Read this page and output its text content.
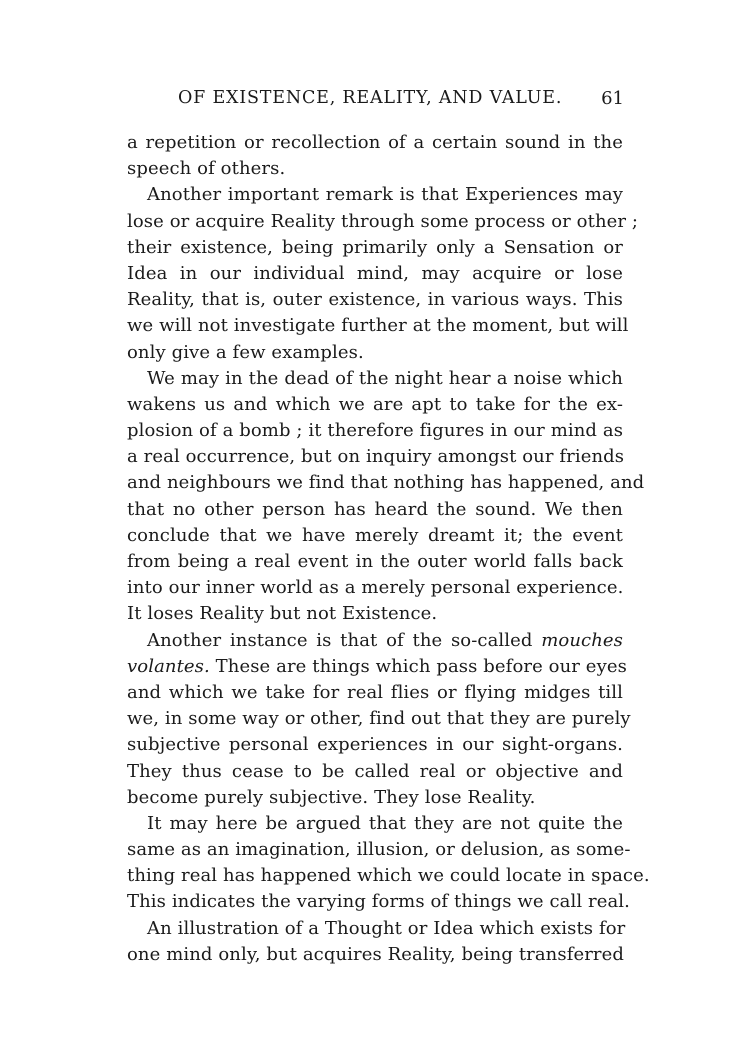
OF EXISTENCE, REALITY, AND VALUE. 61
a repetition or recollection of a certain sound in the
speech of others.
Another important remark is that Experiences may
lose or acquire Reality through some process or other ;
their existence, being primarily only a Sensation or
Idea in our individual mind, may acquire or lose
Reality, that is, outer existence, in various ways. This
we will not investigate further at the moment, but will
only give a few examples.
We may in the dead of the night hear a noise which
wakens us and which we are apt to take for the ex-
plosion of a bomb ; it therefore figures in our mind as
a real occurrence, but on inquiry amongst our friends
and neighbours we find that nothing has happened, and
that no other person has heard the sound. We then
conclude that we have merely dreamt it; the event
from being a real event in the outer world falls back
into our inner world as a merely personal experience.
It loses Reality but not Existence.
Another instance is that of the so-called mouches
volantes. These are things which pass before our eyes
and which we take for real flies or flying midges till
we, in some way or other, find out that they are purely
subjective personal experiences in our sight-organs.
They thus cease to be called real or objective and
become purely subjective. They lose Reality.
It may here be argued that they are not quite the
same as an imagination, illusion, or delusion, as some-
thing real has happened which we could locate in space.
This indicates the varying forms of things we call real.
An illustration of a Thought or Idea which exists for
one mind only, but acquires Reality, being transferred
